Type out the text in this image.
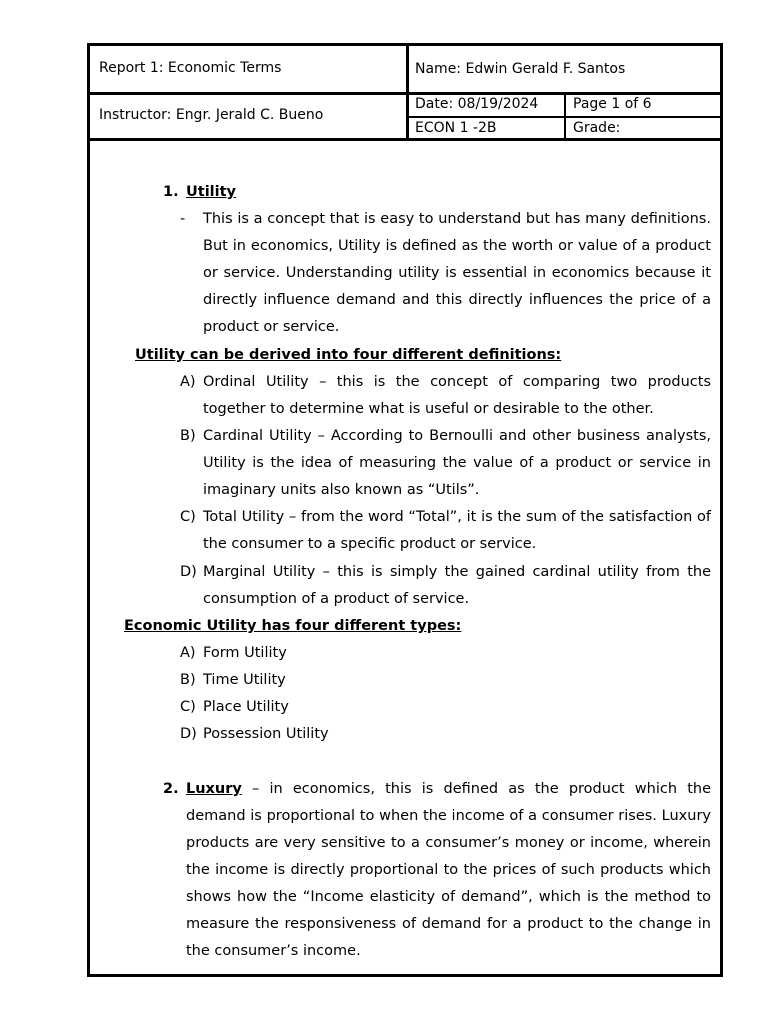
Report 1: Economic Terms	Name: Edwin Gerald F. Santos
Instructor: Engr. Jerald C. Bueno
Date: 08/19/2024 Page 1 of 6
ECON 1 -2B	Grade:
1. Utility
- This is a concept that is easy to understand but has many definitions. But in economics, Utility is defined as the worth or value of a product or service. Understanding utility is essential in economics because it directly influence demand and this directly influences the price of a product or service.
Utility can be derived into four different definitions:
A) Ordinal Utility – this is the concept of comparing two products together to determine what is useful or desirable to the other.
B) Cardinal Utility – According to Bernoulli and other business analysts, Utility is the idea of measuring the value of a product or service in imaginary units also known as “Utils”.
C) Total Utility – from the word “Total”, it is the sum of the satisfaction of the consumer to a specific product or service.
D) Marginal Utility – this is simply the gained cardinal utility from the consumption of a product of service.
Economic Utility has four different types:
A) Form Utility
B) Time Utility
C) Place Utility
D) Possession Utility
2. Luxury – in economics, this is defined as the product which the demand is proportional to when the income of a consumer rises. Luxury products are very sensitive to a consumer’s money or income, wherein the income is directly proportional to the prices of such products which shows how the “Income elasticity of demand”, which is the method to measure the responsiveness of demand for a product to the change in the consumer’s income.
